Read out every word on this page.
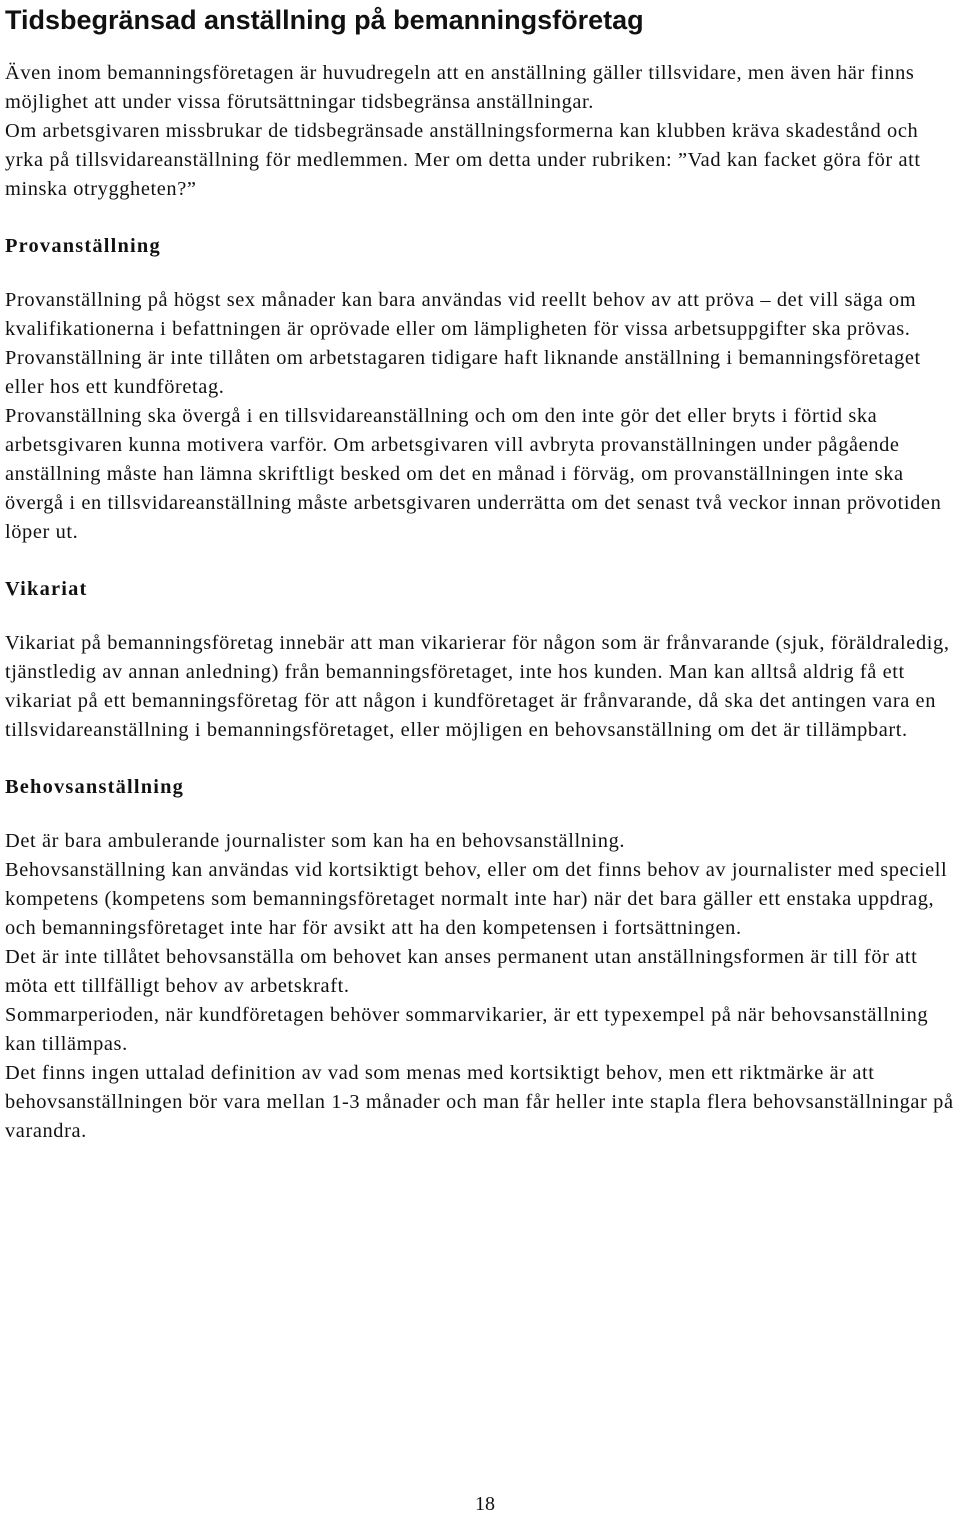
Tidsbegränsad anställning på bemanningsföretag

Även inom bemanningsföretagen är huvudregeln att en anställning gäller tillsvidare, men även här finns möjlighet att under vissa förutsättningar tidsbegränsa anställningar.

Om arbetsgivaren missbrukar de tidsbegränsade anställningsformerna kan klubben kräva skadestånd och yrka på tillsvidareanställning för medlemmen. Mer om detta under rubriken: ”Vad kan facket göra för att minska otryggheten?”

Provanställning

Provanställning på högst sex månader kan bara användas vid reellt behov av att pröva – det vill säga om kvalifikationerna i befattningen är oprövade eller om lämpligheten för vissa arbetsuppgifter ska prövas. Provanställning är inte tillåten om arbetstagaren tidigare haft liknande anställning i bemanningsföretaget eller hos ett kundföretag.

Provanställning ska övergå i en tillsvidareanställning och om den inte gör det eller bryts i förtid ska arbetsgivaren kunna motivera varför. Om arbetsgivaren vill avbryta provanställningen under pågående anställning måste han lämna skriftligt besked om det en månad i förväg, om provanställningen inte ska övergå i en tillsvidareanställning måste arbetsgivaren underrätta om det senast två veckor innan prövotiden löper ut.

Vikariat

Vikariat på bemanningsföretag innebär att man vikarierar för någon som är frånvarande (sjuk, föräldraledig, tjänstledig av annan anledning) från bemanningsföretaget, inte hos kunden. Man kan alltså aldrig få ett vikariat på ett bemanningsföretag för att någon i kundföretaget är frånvarande, då ska det antingen vara en tillsvidareanställning i bemanningsföretaget, eller möjligen en behovsanställning om det är tillämpbart.

Behovsanställning

Det är bara ambulerande journalister som kan ha en behovsanställning.

Behovsanställning kan användas vid kortsiktigt behov, eller om det finns behov av journalister med speciell kompetens (kompetens som bemanningsföretaget normalt inte har) när det bara gäller ett enstaka uppdrag, och bemanningsföretaget inte har för avsikt att ha den kompetensen i fortsättningen.

Det är inte tillåtet behovsanställa om behovet kan anses permanent utan anställningsformen är till för att möta ett tillfälligt behov av arbetskraft.

Sommarperioden, när kundföretagen behöver sommarvikarier, är ett typexempel på när behovsanställning kan tillämpas.

Det finns ingen uttalad definition av vad som menas med kortsiktigt behov, men ett riktmärke är att behovsanställningen bör vara mellan 1-3 månader och man får heller inte stapla flera behovsanställningar på varandra.

18
